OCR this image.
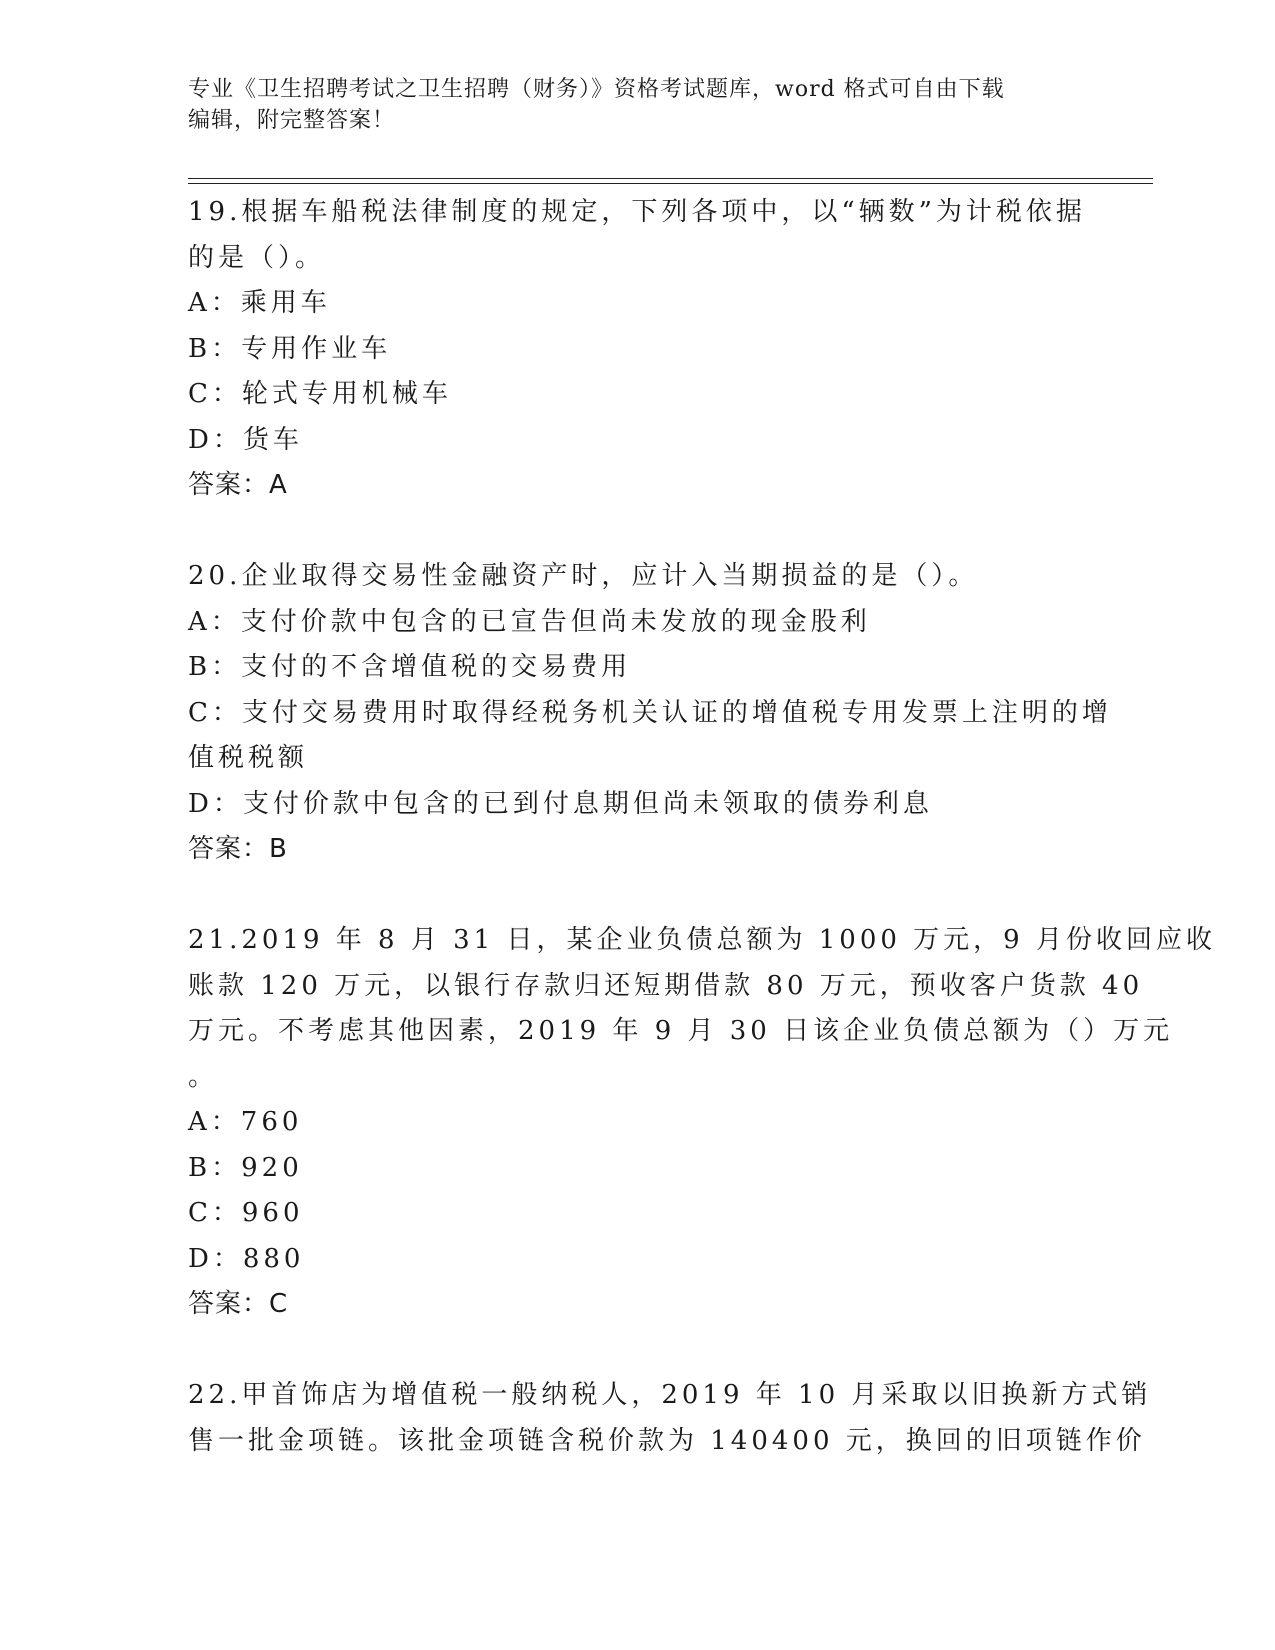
专业《卫生招聘考试之卫生招聘（财务）》资格考试题库，word 格式可自由下载
编辑，附完整答案！
19.根据车船税法律制度的规定，下列各项中，以“辆数”为计税依据
的是（）。
A：乘用车
B：专用作业车
C：轮式专用机械车
D：货车
答案：A
20.企业取得交易性金融资产时，应计入当期损益的是（）。
A：支付价款中包含的已宣告但尚未发放的现金股利
B：支付的不含增值税的交易费用
C：支付交易费用时取得经税务机关认证的增值税专用发票上注明的增
值税税额
D：支付价款中包含的已到付息期但尚未领取的债券利息
答案：B
21.2019 年 8 月 31 日，某企业负债总额为 1000 万元，9 月份收回应收
账款 120 万元，以银行存款归还短期借款 80 万元，预收客户货款 40
万元。不考虑其他因素，2019 年 9 月 30 日该企业负债总额为（）万元
。
A：760
B：920
C：960
D：880
答案：C
22.甲首饰店为增值税一般纳税人，2019 年 10 月采取以旧换新方式销
售一批金项链。该批金项链含税价款为 140400 元，换回的旧项链作价
